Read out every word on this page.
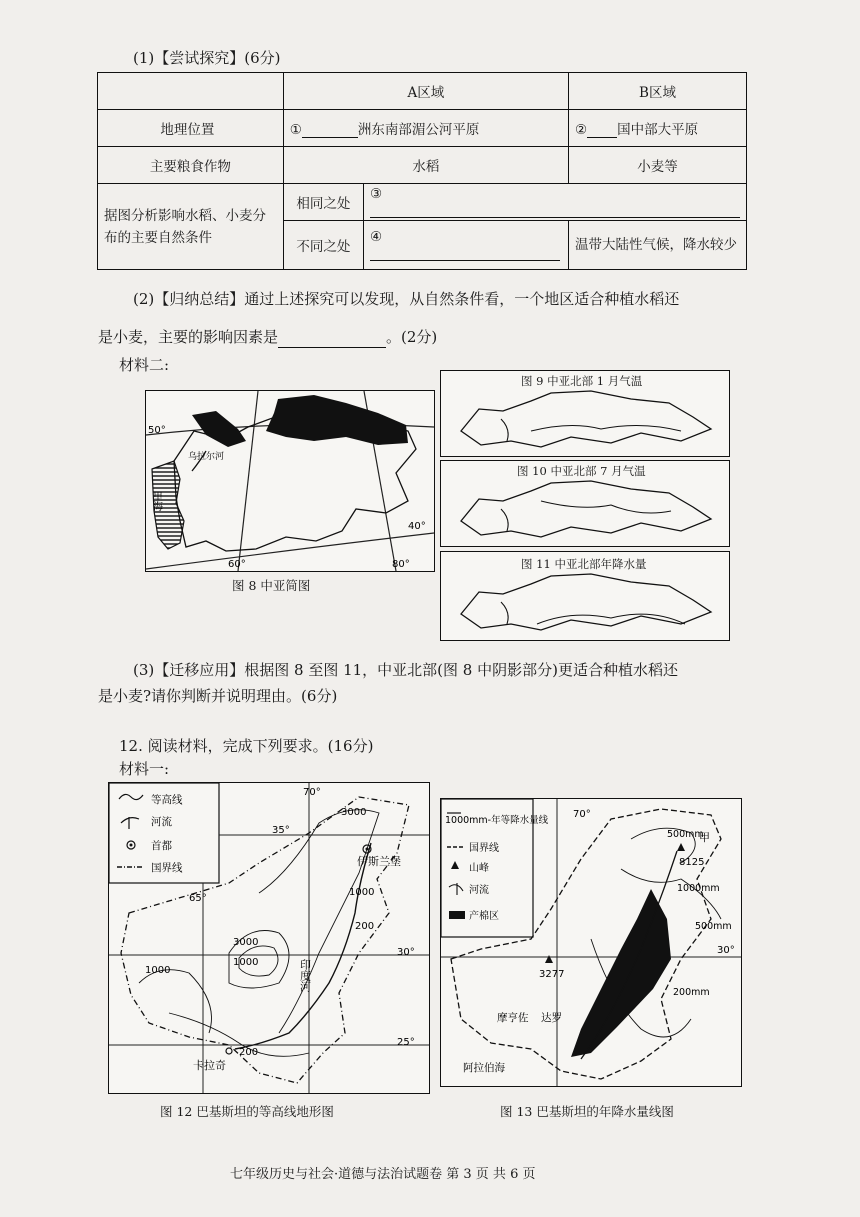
(1)【尝试探究】(6分)
	A区域		B区域
地理位置	① 洲东南部湄公河平原		② 国中部大平原
主要粮食作物	水稻		小麦等
据图分析影响水稻、小麦分布的主要自然条件	相同之处	③	
	不同之处	④	温带大陆性气候，降水较少
(2)【归纳总结】通过上述探究可以发现，从自然条件看，一个地区适合种植水稻还
是小麦，主要的影响因素是	。(2分)
材料二:
50°
40°
60°	80°
乌拉尔河
里海
图 8 中亚简图
图 9 中亚北部 1 月气温
图 10 中亚北部 7 月气温
图 11 中亚北部年降水量
(3)【迁移应用】根据图 8 至图 11，中亚北部(图 8 中阴影部分)更适合种植水稻还
是小麦?请你判断并说明理由。(6分)
12. 阅读材料，完成下列要求。(16分)
材料一:
等高线
河流
首都
国界线
70°
35°
30°
25°
65°
3000
3000
1000
1000
1000
200
200
伊斯兰堡
卡拉奇
印度河
图 12 巴基斯坦的等高线地形图
1000mm-年等降水量线
国界线
山峰
河流
产棉区
70°
30°
500mm
500mm
1000mm
200mm
8125
3277
甲
摩亨佐 达罗
阿拉伯海
图 13 巴基斯坦的年降水量线图
七年级历史与社会·道德与法治试题卷 第 3 页 共 6 页
